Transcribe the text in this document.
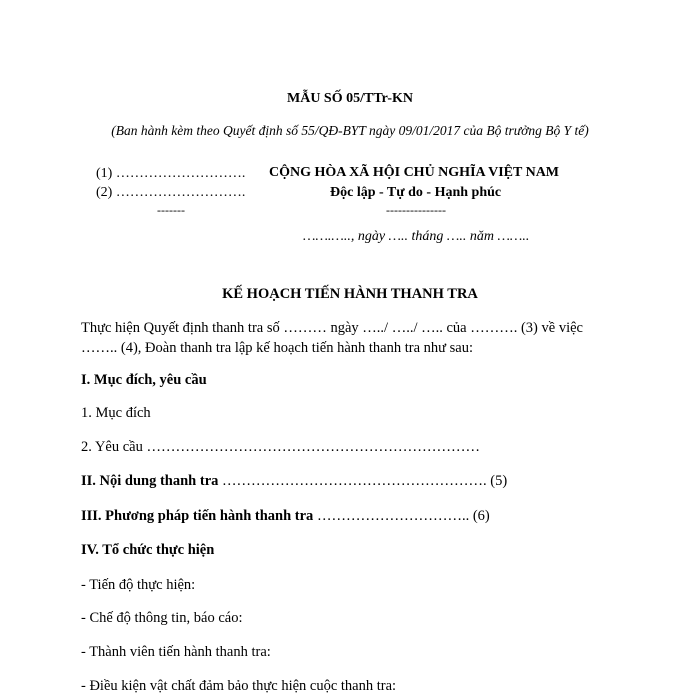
MẪU SỐ 05/TTr-KN
(Ban hành kèm theo Quyết định số 55/QĐ-BYT ngày 09/01/2017 của Bộ trưởng Bộ Y tế)
(1) ……………………….
(2) ……………………….
-------
CỘNG HÒA XÃ HỘI CHỦ NGHĨA VIỆT NAM
Độc lập - Tự do - Hạnh phúc
---------------
…….….., ngày ….. tháng ….. năm ……..
KẾ HOẠCH TIẾN HÀNH THANH TRA
Thực hiện Quyết định thanh tra số ……… ngày …../ …../ ….. của ………. (3) về việc
…….. (4), Đoàn thanh tra lập kế hoạch tiến hành thanh tra như sau:
I. Mục đích, yêu cầu
1. Mục đích
2. Yêu cầu ……………………………………………………………
II. Nội dung thanh tra ………………………………………………. (5)
III. Phương pháp tiến hành thanh tra ………………………….. (6)
IV. Tổ chức thực hiện
- Tiến độ thực hiện:
- Chế độ thông tin, báo cáo:
- Thành viên tiến hành thanh tra:
- Điều kiện vật chất đảm bảo thực hiện cuộc thanh tra:
